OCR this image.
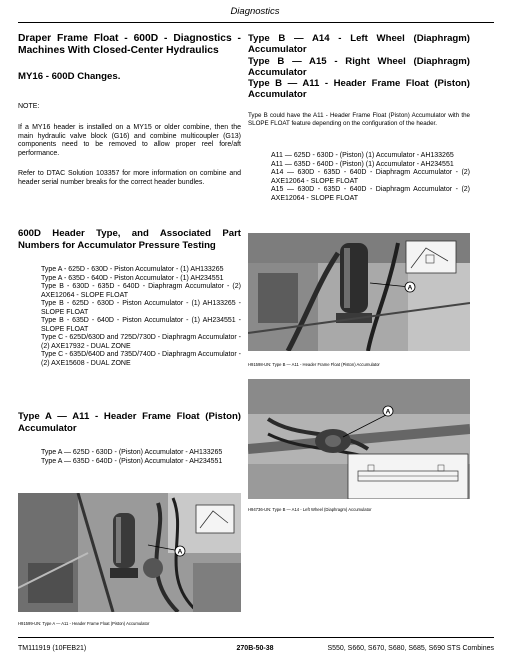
Diagnostics

Draper Frame Float - 600D - Diagnostics - Machines With Closed-Center Hydraulics

MY16 - 600D Changes.

NOTE:

If a MY16 header is installed on a MY15 or older combine, then the main hydraulic valve block (G16) and combine multicoupler (G13) components need to be removed to allow proper reel fore/aft performance.

Refer to DTAC Solution 103357 for more information on combine and header serial number breaks for the correct header bundles.

600D Header Type, and Associated Part Numbers for Accumulator Pressure Testing

Type A - 625D - 630D - Piston Accumulator - (1) AH133265
Type A - 635D - 640D - Piston Accumulator - (1) AH234551
Type B - 630D - 635D - 640D - Diaphragm Accumulator - (2) AXE12064 - SLOPE FLOAT
Type B - 625D - 630D - Piston Accumulator - (1) AH133265 - SLOPE FLOAT
Type B - 635D - 640D - Piston Accumulator - (1) AH234551 - SLOPE FLOAT
Type C - 625D/630D and 725D/730D - Diaphragm Accumulator - (2) AXE17932 - DUAL ZONE
Type C - 635D/640D and 735D/740D - Diaphragm Accumulator - (2) AXE15608 - DUAL ZONE

Type A — A11 - Header Frame Float (Piston) Accumulator

Type A — 625D - 630D - (Piston) Accumulator - AH133265
Type A — 635D - 640D - (Piston) Accumulator - AH234551
A
H91599-UN: Type A — A11 - Header Frame Float (Piston) Accumulator

Type B — A14 - Left Wheel (Diaphragm) Accumulator

Type B — A15 - Right Wheel (Diaphragm) Accumulator

Type B — A11 - Header Frame Float (Piston) Accumulator

Type B could have the A11 - Header Frame Float (Piston) Accumulator with the SLOPE FLOAT feature depending on the configuration of the header.

A11 — 625D - 630D - (Piston) (1) Accumulator - AH133265
A11 — 635D - 640D - (Piston) (1) Accumulator - AH234551
A14 — 630D - 635D - 640D - Diaphragm Accumulator - (2) AXE12064 - SLOPE FLOAT
A15 — 630D - 635D - 640D - Diaphragm Accumulator - (2) AXE12064 - SLOPE FLOAT
A
H91598-UN: Type B — A11 - Header Frame Float (Piston) Accumulator
A
H94736-UN: Type B — A14 - Left Wheel (Diaphragm) Accumulator
TM111919 (10FEB21)	270B-50-38	S550, S660, S670, S680, S685, S690 STS Combines
